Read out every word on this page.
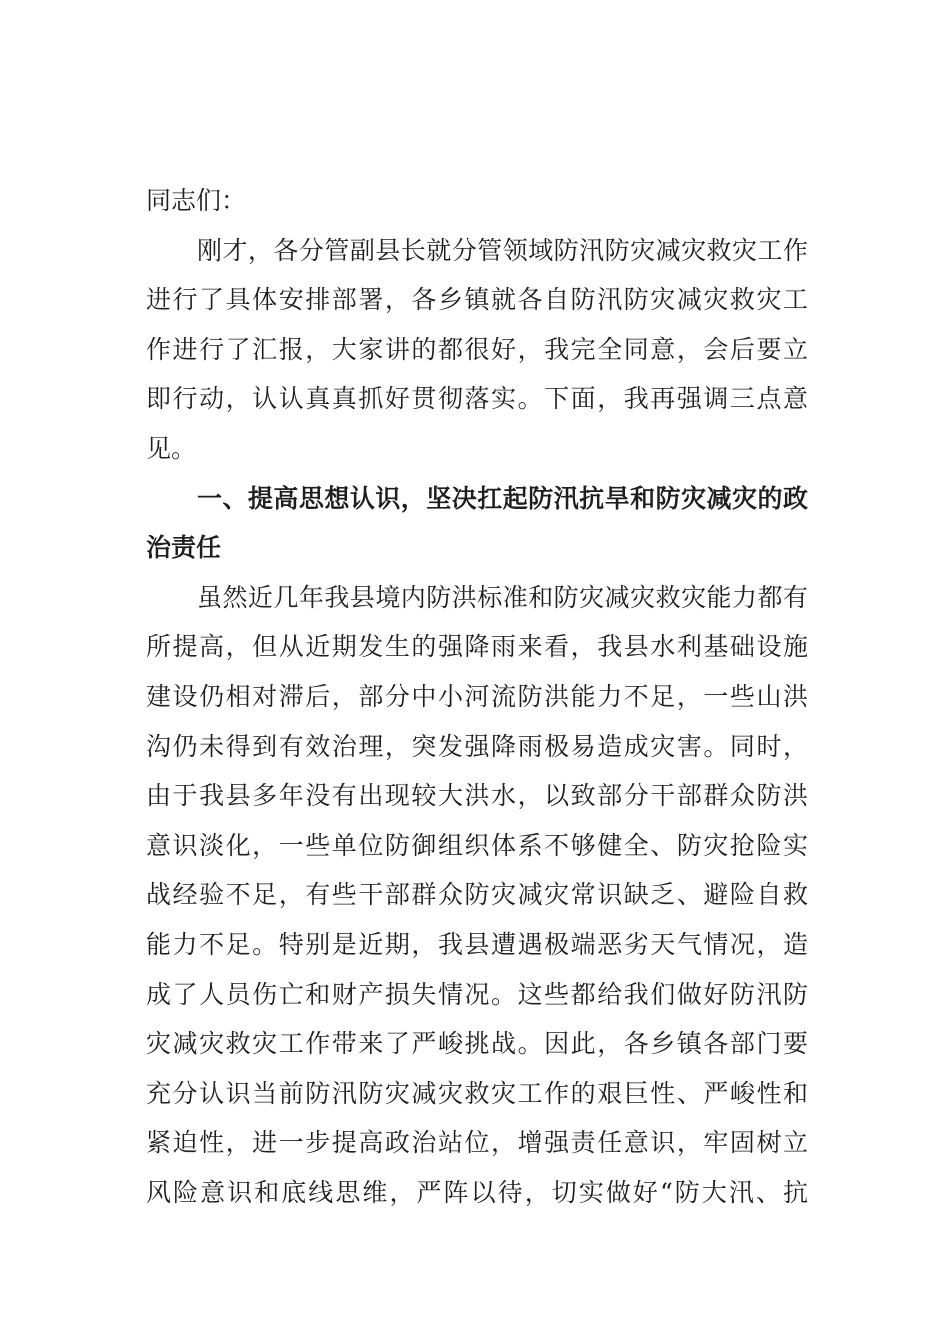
同志们：
　　刚才，各分管副县长就分管领域防汛防灾减灾救灾工作
进行了具体安排部署，各乡镇就各自防汛防灾减灾救灾工
作进行了汇报，大家讲的都很好，我完全同意，会后要立
即行动，认认真真抓好贯彻落实。下面，我再强调三点意
见。
　　一、提高思想认识，坚决扛起防汛抗旱和防灾减灾的政
治责任
　　虽然近几年我县境内防洪标准和防灾减灾救灾能力都有
所提高，但从近期发生的强降雨来看，我县水利基础设施
建设仍相对滞后，部分中小河流防洪能力不足，一些山洪
沟仍未得到有效治理，突发强降雨极易造成灾害。同时，
由于我县多年没有出现较大洪水，以致部分干部群众防洪
意识淡化，一些单位防御组织体系不够健全、防灾抢险实
战经验不足，有些干部群众防灾减灾常识缺乏、避险自救
能力不足。特别是近期，我县遭遇极端恶劣天气情况，造
成了人员伤亡和财产损失情况。这些都给我们做好防汛防
灾减灾救灾工作带来了严峻挑战。因此，各乡镇各部门要
充分认识当前防汛防灾减灾救灾工作的艰巨性、严峻性和
紧迫性，进一步提高政治站位，增强责任意识，牢固树立
风险意识和底线思维，严阵以待，切实做好“防大汛、抗
